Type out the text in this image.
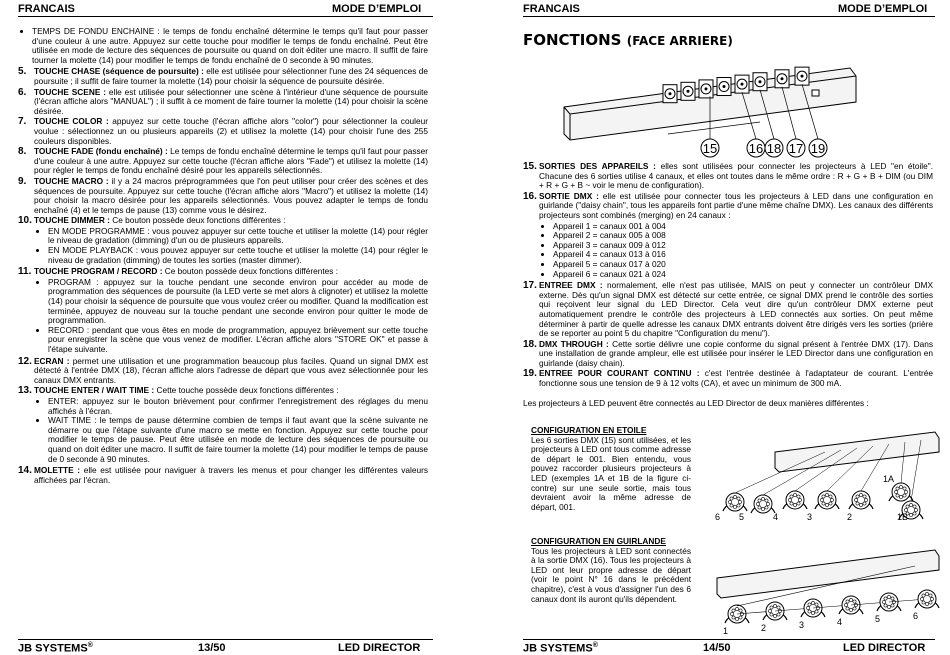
FRANCAIS	MODE D’EMPLOI
• TEMPS DE FONDU ENCHAINE : le temps de fondu enchaîné détermine le temps qu'il faut pour passer d'une couleur à une autre. Appuyez sur cette touche pour modifier le temps de fondu enchaîné. Peut être utilisée en mode de lecture des séquences de poursuite ou quand on doit éditer une macro. Il suffit de faire tourner la molette (14) pour modifier le temps de fondu enchaîné de 0 seconde à 90 minutes.

5. TOUCHE CHASE (séquence de poursuite) : elle est utilisée pour sélectionner l'une des 24 séquences de poursuite ; il suffit de faire tourner la molette (14) pour choisir la séquence de poursuite désirée.

6. TOUCHE SCENE : elle est utilisée pour sélectionner une scène à l'intérieur d'une séquence de poursuite (l'écran affiche alors "MANUAL") ; il suffit à ce moment de faire tourner la molette (14) pour choisir la scène désirée.

7. TOUCHE COLOR : appuyez sur cette touche (l'écran affiche alors "color") pour sélectionner la couleur voulue : sélectionnez un ou plusieurs appareils (2) et utilisez la molette (14) pour choisir l'une des 255 couleurs disponibles.

8. TOUCHE FADE (fondu enchaîné) : Le temps de fondu enchaîné détermine le temps qu'il faut pour passer d'une couleur à une autre. Appuyez sur cette touche (l'écran affiche alors "Fade") et utilisez la molette (14) pour régler le temps de fondu enchaîné désiré pour les appareils sélectionnés.

9. TOUCHE MACRO : il y a 24 macros préprogrammées que l'on peut utiliser pour créer des scènes et des séquences de poursuite. Appuyez sur cette touche (l'écran affiche alors "Macro") et utilisez la molette (14) pour choisir la macro désirée pour les appareils sélectionnés. Vous pouvez adapter le temps de fondu enchaîné (4) et le temps de pause (13) comme vous le désirez.

10. TOUCHE DIMMER : Ce bouton possède deux fonctions différentes :

• EN MODE PROGRAMME : vous pouvez appuyer sur cette touche et utiliser la molette (14) pour régler le niveau de gradation (dimming) d'un ou de plusieurs appareils.
• EN MODE PLAYBACK : vous pouvez appuyer sur cette touche et utiliser la molette (14) pour régler le niveau de gradation (dimming) de toutes les sorties (master dimmer).

11. TOUCHE PROGRAM / RECORD : Ce bouton possède deux fonctions différentes :

• PROGRAM : appuyez sur la touche pendant une seconde environ pour accéder au mode de programmation des séquences de poursuite (la LED verte se met alors à clignoter) et utilisez la molette (14) pour choisir la séquence de poursuite que vous voulez créer ou modifier. Quand la modification est terminée, appuyez de nouveau sur la touche pendant une seconde environ pour quitter le mode de programmation.
• RECORD : pendant que vous êtes en mode de programmation, appuyez brièvement sur cette touche pour enregistrer la scène que vous venez de modifier. L'écran affiche alors "STORE OK" et passe à l'étape suivante.

12. ECRAN : permet une utilisation et une programmation beaucoup plus faciles. Quand un signal DMX est détecté à l'entrée DMX (18), l'écran affiche alors l'adresse de départ que vous avez sélectionnée pour les canaux DMX entrants.

13. TOUCHE ENTER / WAIT TIME : Cette touche possède deux fonctions différentes :

• ENTER: appuyez sur le bouton brièvement pour confirmer l'enregistrement des réglages du menu affichés à l'écran.
• WAIT TIME : le temps de pause détermine combien de temps il faut avant que la scène suivante ne démarre ou que l'étape suivante d'une macro se mette en fonction. Appuyez sur cette touche pour modifier le temps de pause. Peut être utilisée en mode de lecture des séquences de poursuite ou quand on doit éditer une macro. Il suffit de faire tourner la molette (14) pour modifier le temps de pause de 0 seconde à 90 minutes.

14. MOLETTE : elle est utilisée pour naviguer à travers les menus et pour changer les différentes valeurs affichées par l'écran.

JB SYSTEMS®	13/50	LED DIRECTOR
FRANCAIS	MODE D’EMPLOI
FONCTIONS (FACE ARRIERE)
15 16 18 17 19

15. SORTIES DES APPAREILS : elles sont utilisées pour connecter les projecteurs à LED "en étoile". Chacune des 6 sorties utilise 4 canaux, et elles ont toutes dans le même ordre : R + G + B + DIM (ou DIM + R + G + B ~ voir le menu de configuration).

16. SORTIE DMX : elle est utilisée pour connecter tous les projecteurs à LED dans une configuration en guirlande ("daisy chain", tous les appareils font partie d'une même chaîne DMX). Les canaux des différents projecteurs sont combinés (merging) en 24 canaux :

• Appareil 1 = canaux 001 à 004
• Appareil 2 = canaux 005 à 008
• Appareil 3 = canaux 009 à 012
• Appareil 4 = canaux 013 à 016
• Appareil 5 = canaux 017 à 020
• Appareil 6 = canaux 021 à 024

17. ENTREE DMX : normalement, elle n'est pas utilisée, MAIS on peut y connecter un contrôleur DMX externe. Dès qu'un signal DMX est détecté sur cette entrée, ce signal DMX prend le contrôle des sorties qui reçoivent leur signal du LED Director. Cela veut dire qu'un contrôleur DMX externe peut automatiquement prendre le contrôle des projecteurs à LED connectés aux sorties. On peut même déterminer à partir de quelle adresse les canaux DMX entrants doivent être dirigés vers les sorties (prière de se reporter au point 5 du chapitre "Configuration du menu").

18. DMX THROUGH : Cette sortie délivre une copie conforme du signal présent à l'entrée DMX (17). Dans une installation de grande ampleur, elle est utilisée pour insérer le LED Director dans une configuration en guirlande (daisy chain).

19. ENTREE POUR COURANT CONTINU : c'est l'entrée destinée à l'adaptateur de courant. L'entrée fonctionne sous une tension de 9 à 12 volts (CA), et avec un minimum de 300 mA.

Les projecteurs à LED peuvent être connectés au LED Director de deux manières différentes :

CONFIGURATION EN ETOILE

Les 6 sorties DMX (15) sont utilisées, et les projecteurs à LED ont tous comme adresse de départ le 001. Bien entendu, vous pouvez raccorder plusieurs projecteurs à LED (exemples 1A et 1B de la figure ci-contre) sur une seule sortie, mais tous devraient avoir la même adresse de départ, 001.

CONFIGURATION EN GUIRLANDE

Tous les projecteurs à LED sont connectés à la sortie DMX (16). Tous les projecteurs à LED ont leur propre adresse de départ (voir le point N° 16 dans le précédent chapitre), c'est à vous d'assigner l'un des 6 canaux dont ils auront qu'ils dépendent.

6 5	4	3	2
1A
1B
1	2	3	4	5	6
JB SYSTEMS®	14/50	LED DIRECTOR
